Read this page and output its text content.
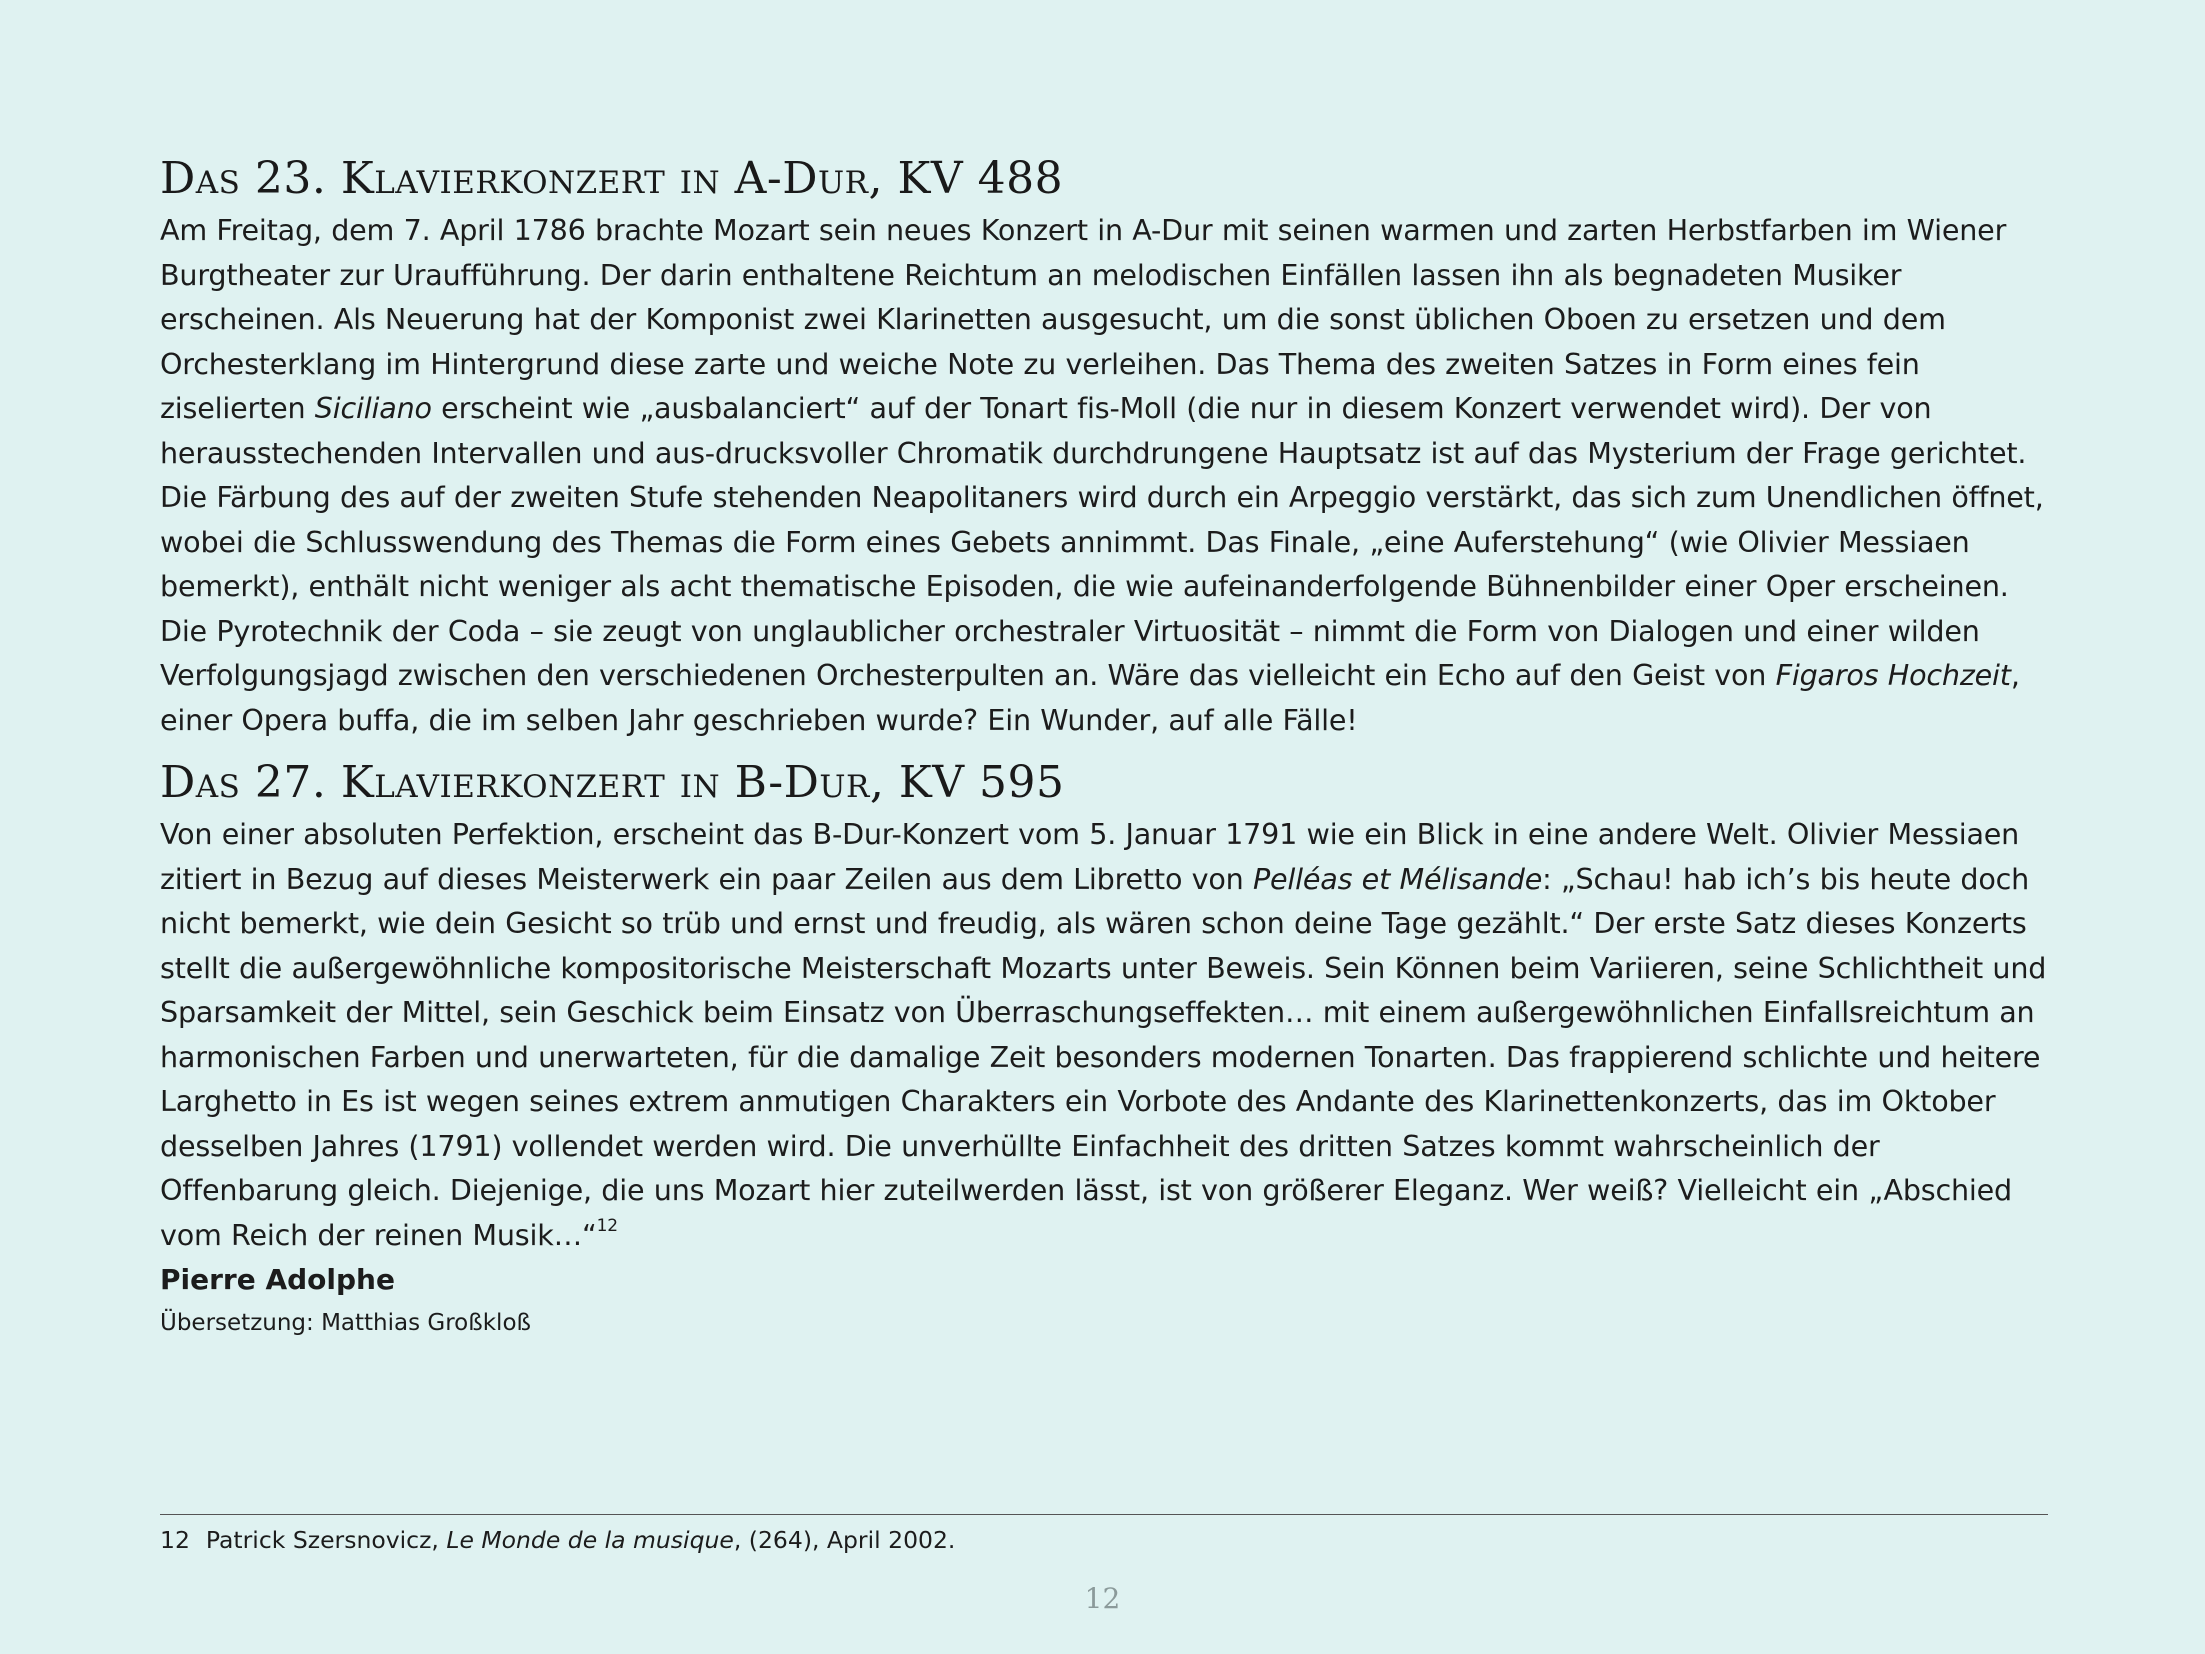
Das 23. Klavierkonzert in A-Dur, KV 488

Am Freitag, dem 7. April 1786 brachte Mozart sein neues Konzert in A-Dur mit seinen warmen und zarten Herbstfarben im Wiener Burgtheater zur Uraufführung. Der darin enthaltene Reichtum an melodischen Einfällen lassen ihn als begnadeten Musiker erscheinen. Als Neuerung hat der Komponist zwei Klarinetten ausgesucht, um die sonst üblichen Oboen zu ersetzen und dem Orchesterklang im Hintergrund diese zarte und weiche Note zu verleihen. Das Thema des zweiten Satzes in Form eines fein ziselierten Siciliano erscheint wie „ausbalanciert“ auf der Tonart fis-Moll (die nur in diesem Konzert verwendet wird). Der von herausstechenden Intervallen und aus-drucksvoller Chromatik durchdrungene Hauptsatz ist auf das Mysterium der Frage gerichtet. Die Färbung des auf der zweiten Stufe stehenden Neapolitaners wird durch ein Arpeggio verstärkt, das sich zum Unendlichen öffnet, wobei die Schlusswendung des Themas die Form eines Gebets annimmt. Das Finale, „eine Auferstehung“ (wie Olivier Messiaen bemerkt), enthält nicht weniger als acht thematische Episoden, die wie aufeinanderfolgende Bühnenbilder einer Oper erscheinen. Die Pyrotechnik der Coda – sie zeugt von unglaublicher orchestraler Virtuosität – nimmt die Form von Dialogen und einer wilden Verfolgungsjagd zwischen den verschiedenen Orchesterpulten an. Wäre das vielleicht ein Echo auf den Geist von Figaros Hochzeit, einer Opera buffa, die im selben Jahr geschrieben wurde? Ein Wunder, auf alle Fälle!

Das 27. Klavierkonzert in B-Dur, KV 595

Von einer absoluten Perfektion, erscheint das B-Dur-Konzert vom 5. Januar 1791 wie ein Blick in eine andere Welt. Olivier Messiaen zitiert in Bezug auf dieses Meisterwerk ein paar Zeilen aus dem Libretto von Pelléas et Mélisande: „Schau! hab ich’s bis heute doch nicht bemerkt, wie dein Gesicht so trüb und ernst und freudig, als wären schon deine Tage gezählt.“ Der erste Satz dieses Konzerts stellt die außergewöhnliche kompositorische Meisterschaft Mozarts unter Beweis. Sein Können beim Variieren, seine Schlichtheit und Sparsamkeit der Mittel, sein Geschick beim Einsatz von Überraschungseffekten… mit einem außergewöhnlichen Einfallsreichtum an harmonischen Farben und unerwarteten, für die damalige Zeit besonders modernen Tonarten. Das frappierend schlichte und heitere Larghetto in Es ist wegen seines extrem anmutigen Charakters ein Vorbote des Andante des Klarinettenkonzerts, das im Oktober desselben Jahres (1791) vollendet werden wird. Die unverhüllte Einfachheit des dritten Satzes kommt wahrscheinlich der Offenbarung gleich. Diejenige, die uns Mozart hier zuteilwerden lässt, ist von größerer Eleganz. Wer weiß? Vielleicht ein „Abschied vom Reich der reinen Musik…“$^{12}$

Pierre Adolphe

Übersetzung: Matthias Großkloß

12 Patrick Szersnovicz, Le Monde de la musique, (264), April 2002.
12
